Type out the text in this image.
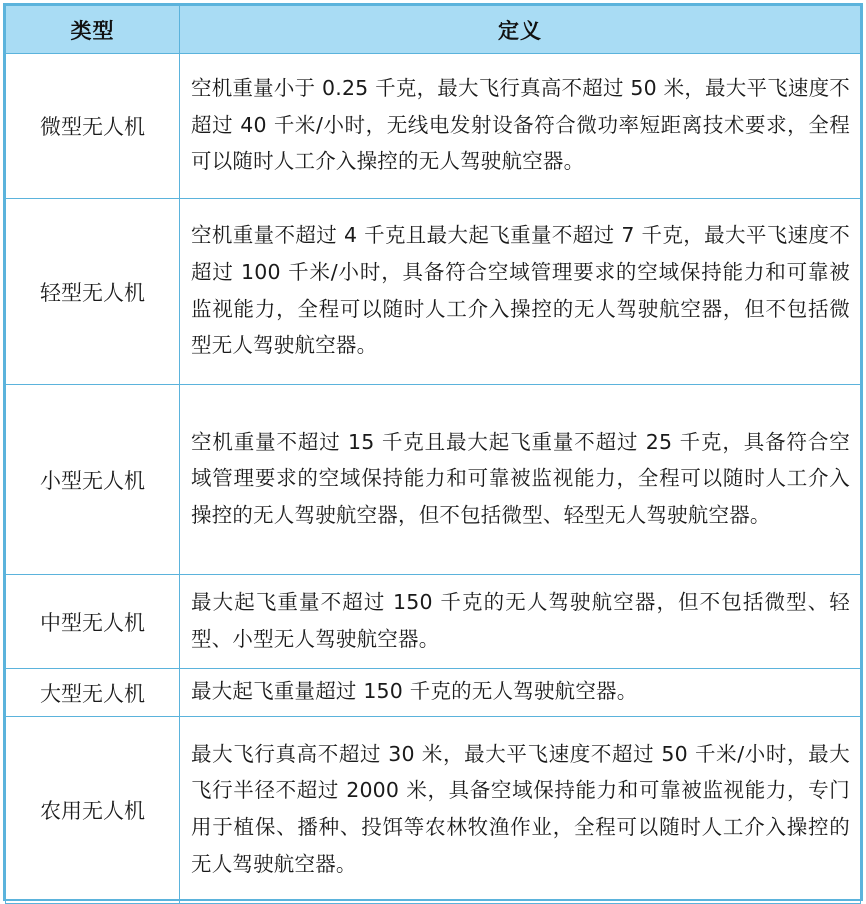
类型	定义
微型无人机	空机重量小于 0.25 千克，最大飞行真高不超过 50 米，最大平飞速度不超过 40 千米/小时，无线电发射设备符合微功率短距离技术要求，全程可以随时人工介入操控的无人驾驶航空器。
轻型无人机	空机重量不超过 4 千克且最大起飞重量不超过 7 千克，最大平飞速度不超过 100 千米/小时，具备符合空域管理要求的空域保持能力和可靠被监视能力，全程可以随时人工介入操控的无人驾驶航空器，但不包括微型无人驾驶航空器。
小型无人机	空机重量不超过 15 千克且最大起飞重量不超过 25 千克，具备符合空域管理要求的空域保持能力和可靠被监视能力，全程可以随时人工介入操控的无人驾驶航空器，但不包括微型、轻型无人驾驶航空器。
中型无人机	最大起飞重量不超过 150 千克的无人驾驶航空器，但不包括微型、轻型、小型无人驾驶航空器。
大型无人机	最大起飞重量超过 150 千克的无人驾驶航空器。
农用无人机	最大飞行真高不超过 30 米，最大平飞速度不超过 50 千米/小时，最大飞行半径不超过 2000 米，具备空域保持能力和可靠被监视能力，专门用于植保、播种、投饵等农林牧渔作业，全程可以随时人工介入操控的无人驾驶航空器。
